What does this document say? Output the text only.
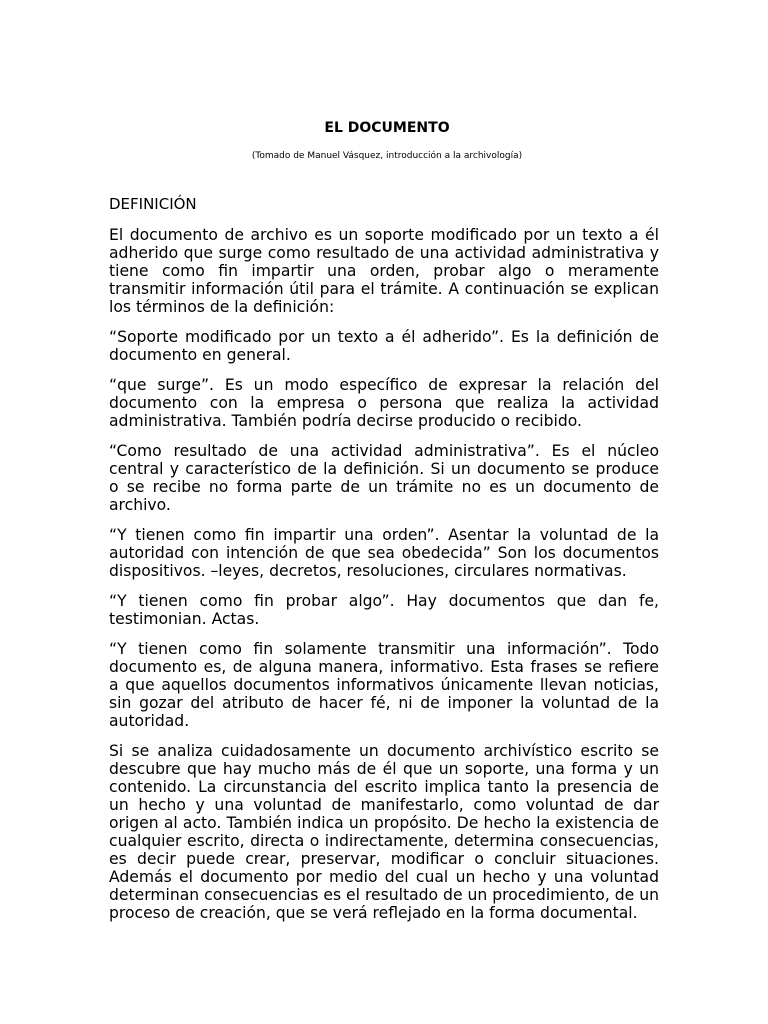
EL DOCUMENTO

(Tomado de Manuel Vásquez, introducción a la archivología)

DEFINICIÓN

El documento de archivo es un soporte modificado por un texto a él adherido que surge como resultado de una actividad administrativa y tiene como fin impartir una orden, probar algo o meramente transmitir información útil para el trámite. A continuación se explican los términos de la definición:

“Soporte modificado por un texto a él adherido”. Es la definición de documento en general.

“que surge”. Es un modo específico de expresar la relación del documento con la empresa o persona que realiza la actividad administrativa. También podría decirse producido o recibido.

“Como resultado de una actividad administrativa”. Es el núcleo central y característico de la definición. Si un documento se produce o se recibe no forma parte de un trámite no es un documento de archivo.

“Y tienen como fin impartir una orden”. Asentar la voluntad de la autoridad con intención de que sea obedecida” Son los documentos dispositivos. –leyes, decretos, resoluciones, circulares normativas.

“Y tienen como fin probar algo”. Hay documentos que dan fe, testimonian. Actas.

“Y tienen como fin solamente transmitir una información”. Todo documento es, de alguna manera, informativo. Esta frases se refiere a que aquellos documentos informativos únicamente llevan noticias, sin gozar del atributo de hacer fé, ni de imponer la voluntad de la autoridad.

Si se analiza cuidadosamente un documento archivístico escrito se descubre que hay mucho más de él que un soporte, una forma y un contenido. La circunstancia del escrito implica tanto la presencia de un hecho y una voluntad de manifestarlo, como voluntad de dar origen al acto. También indica un propósito. De hecho la existencia de cualquier escrito, directa o indirectamente, determina consecuencias, es decir puede crear, preservar, modificar o concluir situaciones. Además el documento por medio del cual un hecho y una voluntad determinan consecuencias es el resultado de un procedimiento, de un proceso de creación, que se verá reflejado en la forma documental.
